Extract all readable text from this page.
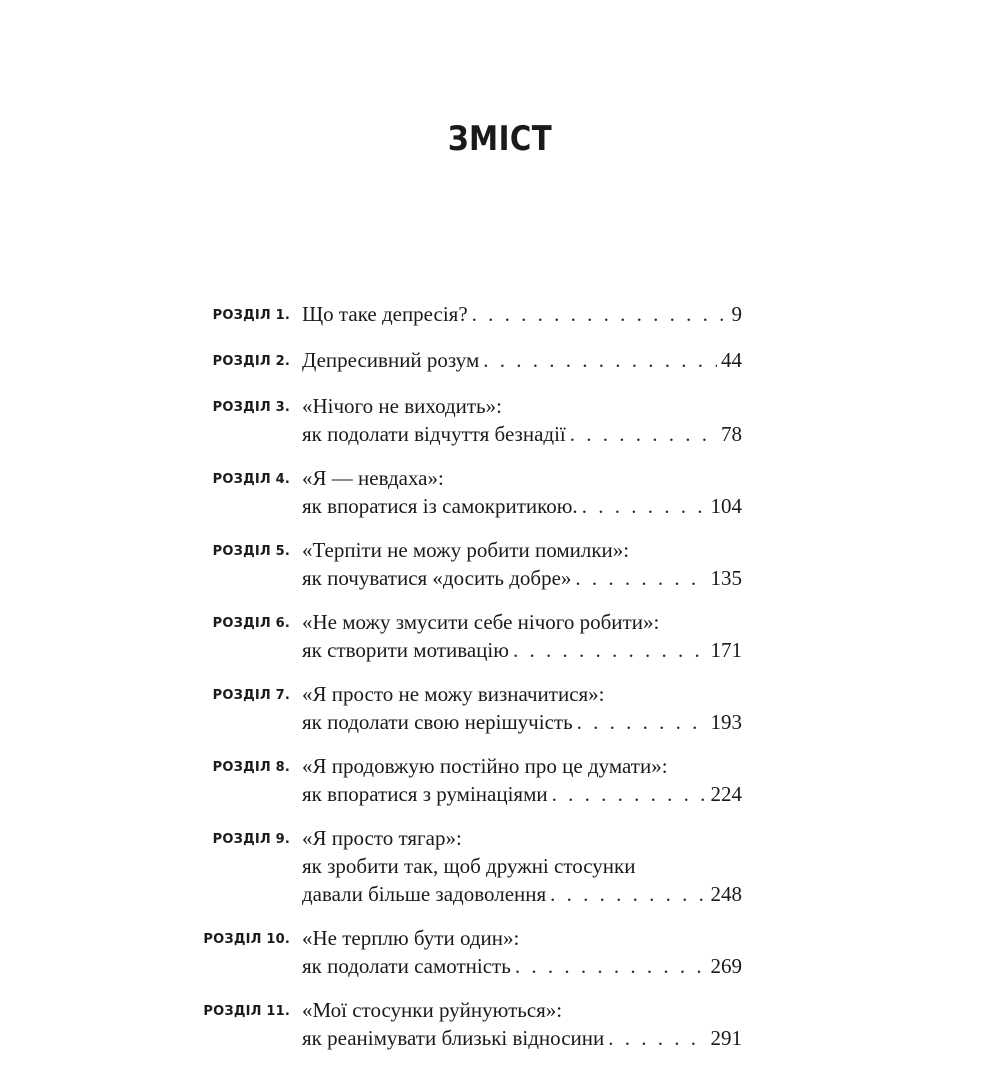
ЗМІСТ
РОЗДІЛ 1. Що таке депресія? . . .	9
РОЗДІЛ 2. Депресивний розум . . .	44
РОЗДІЛ 3. «Нічого не виходить»:
як подолати відчуття безнадії . . .	78
РОЗДІЛ 4. «Я — невдаха»:
як впоратися із самокритикою. . . .	104
РОЗДІЛ 5. «Терпіти не можу робити помилки»:
як почуватися «досить добре» . . .	135
РОЗДІЛ 6. «Не можу змусити себе нічого робити»:
як створити мотивацію . . .	171
РОЗДІЛ 7. «Я просто не можу визначитися»:
як подолати свою нерішучість . . .	193
РОЗДІЛ 8. «Я продовжую постійно про це думати»:
як впоратися з румінаціями . . .	224
РОЗДІЛ 9. «Я просто тягар»:
як зробити так, щоб дружні стосунки
давали більше задоволення . . .	248
РОЗДІЛ 10. «Не терплю бути один»:
як подолати самотність . . .	269
РОЗДІЛ 11. «Мої стосунки руйнуються»:
як реанімувати близькі відносини . . .	291
